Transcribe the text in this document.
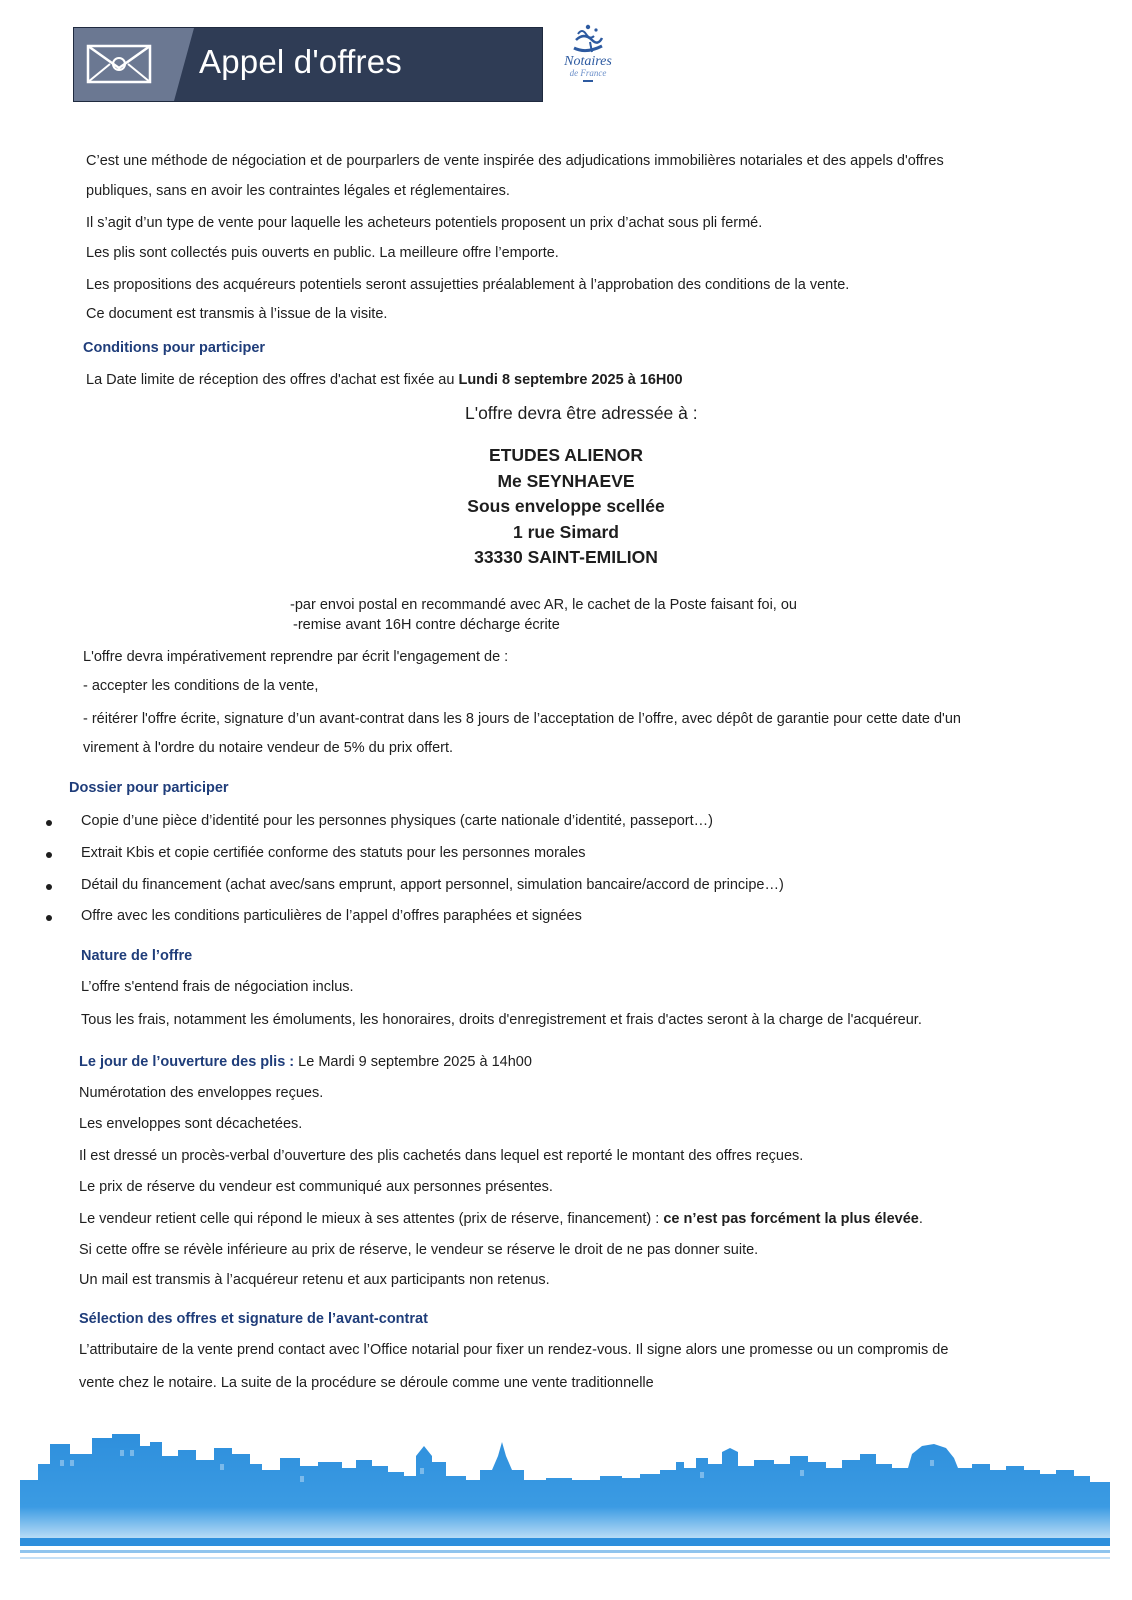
Appel d'offres	Notaires
de France

C’est une méthode de négociation et de pourparlers de vente inspirée des adjudications immobilières notariales et des appels d'offres

publiques, sans en avoir les contraintes légales et réglementaires.

Il s’agit d’un type de vente pour laquelle les acheteurs potentiels proposent un prix d’achat sous pli fermé.

Les plis sont collectés puis ouverts en public. La meilleure offre l’emporte.

Les propositions des acquéreurs potentiels seront assujetties préalablement à l’approbation des conditions de la vente.

Ce document est transmis à l’issue de la visite.

Conditions pour participer

La Date limite de réception des offres d'achat est fixée au Lundi 8 septembre 2025 à 16H00

L'offre devra être adressée à :

ETUDES ALIENOR
Me SEYNHAEVE
Sous enveloppe scellée
1 rue Simard
33330 SAINT-EMILION

-par envoi postal en recommandé avec AR, le cachet de la Poste faisant foi, ou

-remise avant 16H contre décharge écrite

L'offre devra impérativement reprendre par écrit l'engagement de :

- accepter les conditions de la vente,

- réitérer l'offre écrite, signature d’un avant-contrat dans les 8 jours de l’acceptation de l’offre, avec dépôt de garantie pour cette date d'un

virement à l'ordre du notaire vendeur de 5% du prix offert.

Dossier pour participer

Copie d’une pièce d’identité pour les personnes physiques (carte nationale d’identité, passeport…)

Extrait Kbis et copie certifiée conforme des statuts pour les personnes morales

Détail du financement (achat avec/sans emprunt, apport personnel, simulation bancaire/accord de principe…)

Offre avec les conditions particulières de l’appel d’offres paraphées et signées

Nature de l’offre

L’offre s'entend frais de négociation inclus.

Tous les frais, notamment les émoluments, les honoraires, droits d'enregistrement et frais d'actes seront à la charge de l'acquéreur.

Le jour de l’ouverture des plis : Le Mardi 9 septembre 2025 à 14h00

Numérotation des enveloppes reçues.

Les enveloppes sont décachetées.

Il est dressé un procès-verbal d’ouverture des plis cachetés dans lequel est reporté le montant des offres reçues.

Le prix de réserve du vendeur est communiqué aux personnes présentes.

Le vendeur retient celle qui répond le mieux à ses attentes (prix de réserve, financement) : ce n’est pas forcément la plus élevée.

Si cette offre se révèle inférieure au prix de réserve, le vendeur se réserve le droit de ne pas donner suite.

Un mail est transmis à l’acquéreur retenu et aux participants non retenus.

Sélection des offres et signature de l’avant-contrat

L’attributaire de la vente prend contact avec l’Office notarial pour fixer un rendez-vous. Il signe alors une promesse ou un compromis de

vente chez le notaire. La suite de la procédure se déroule comme une vente traditionnelle
